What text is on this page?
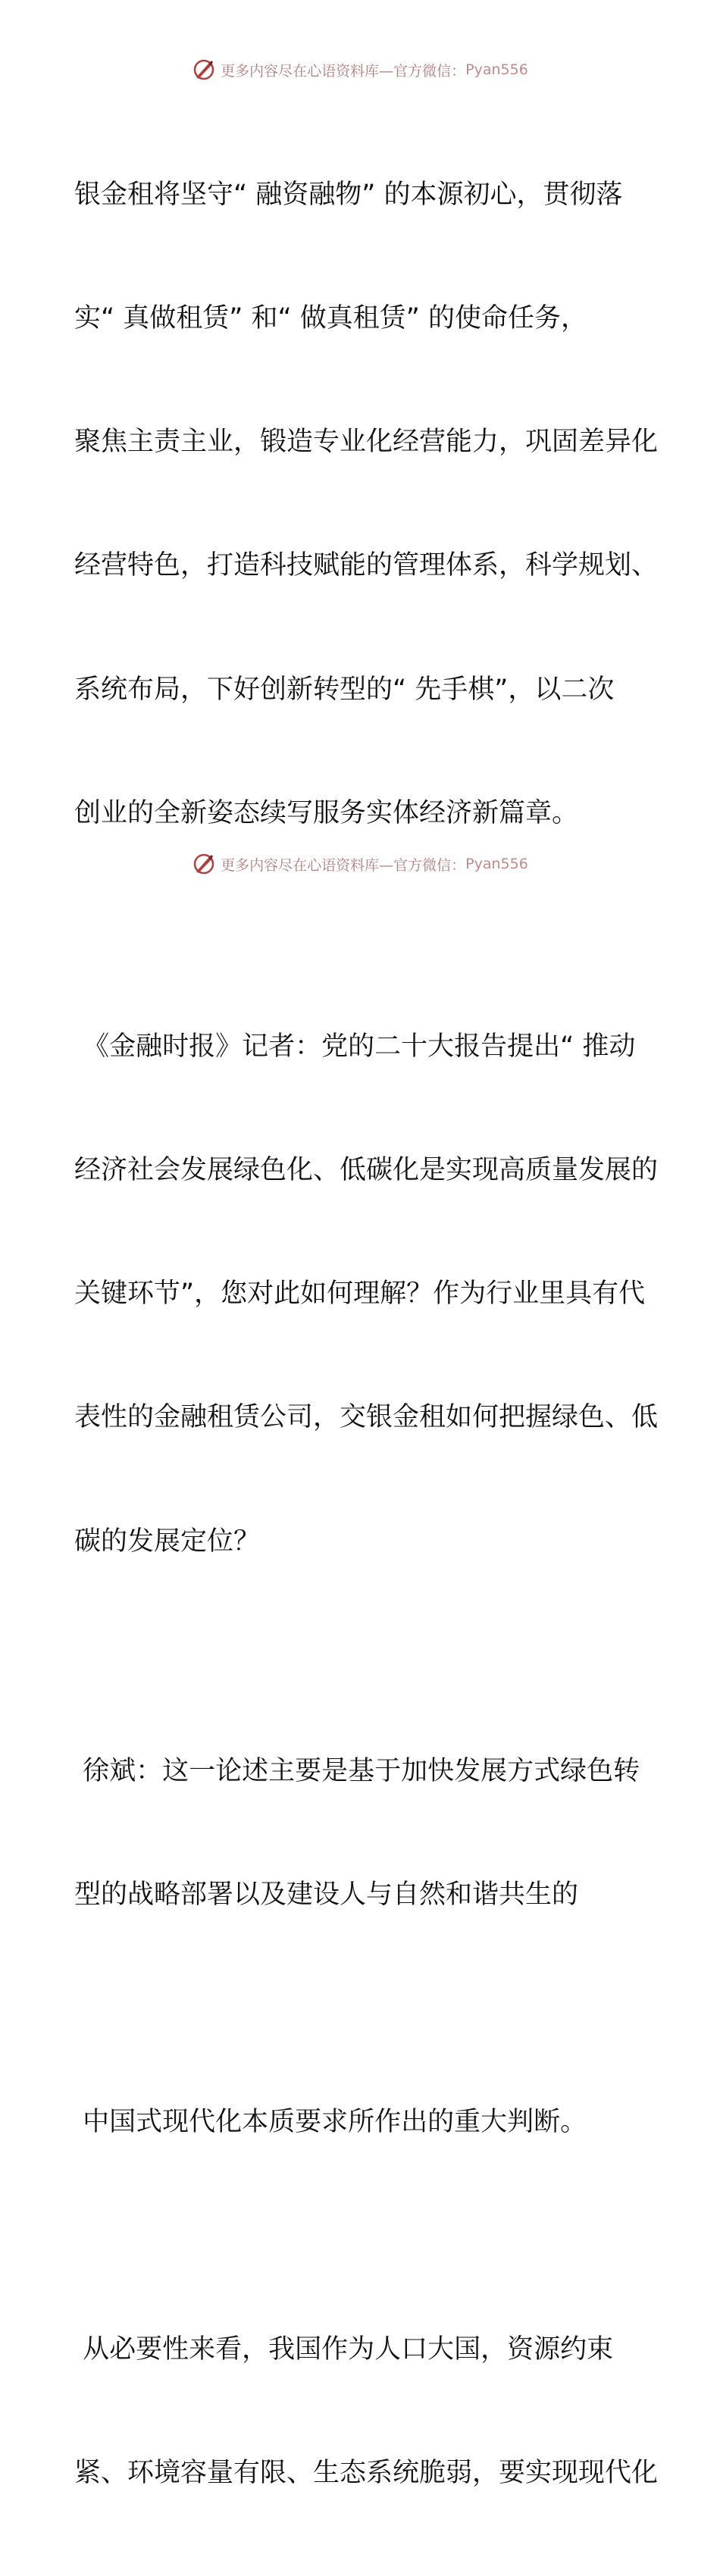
更多内容尽在心语资料库—官方微信： Pyan556

银金租将坚守“ 融资融物” 的本源初心，贯彻落

实“ 真做租赁” 和“ 做真租赁” 的使命任务，

聚焦主责主业，锻造专业化经营能力，巩固差异化

经营特色，打造科技赋能的管理体系，科学规划、

系统布局，下好创新转型的“ 先手棋”，以二次

创业的全新姿态续写服务实体经济新篇章。

《金融时报》记者：党的二十大报告提出“ 推动

经济社会发展绿色化、低碳化是实现高质量发展的

关键环节”，您对此如何理解？作为行业里具有代

表性的金融租赁公司，交银金租如何把握绿色、低

碳的发展定位？

徐斌：这一论述主要是基于加快发展方式绿色转

型的战略部署以及建设人与自然和谐共生的

中国式现代化本质要求所作出的重大判断。

从必要性来看，我国作为人口大国，资源约束

紧、环境容量有限、生态系统脆弱，要实现现代化

更多内容尽在心语资料库—官方微信： Pyan556
